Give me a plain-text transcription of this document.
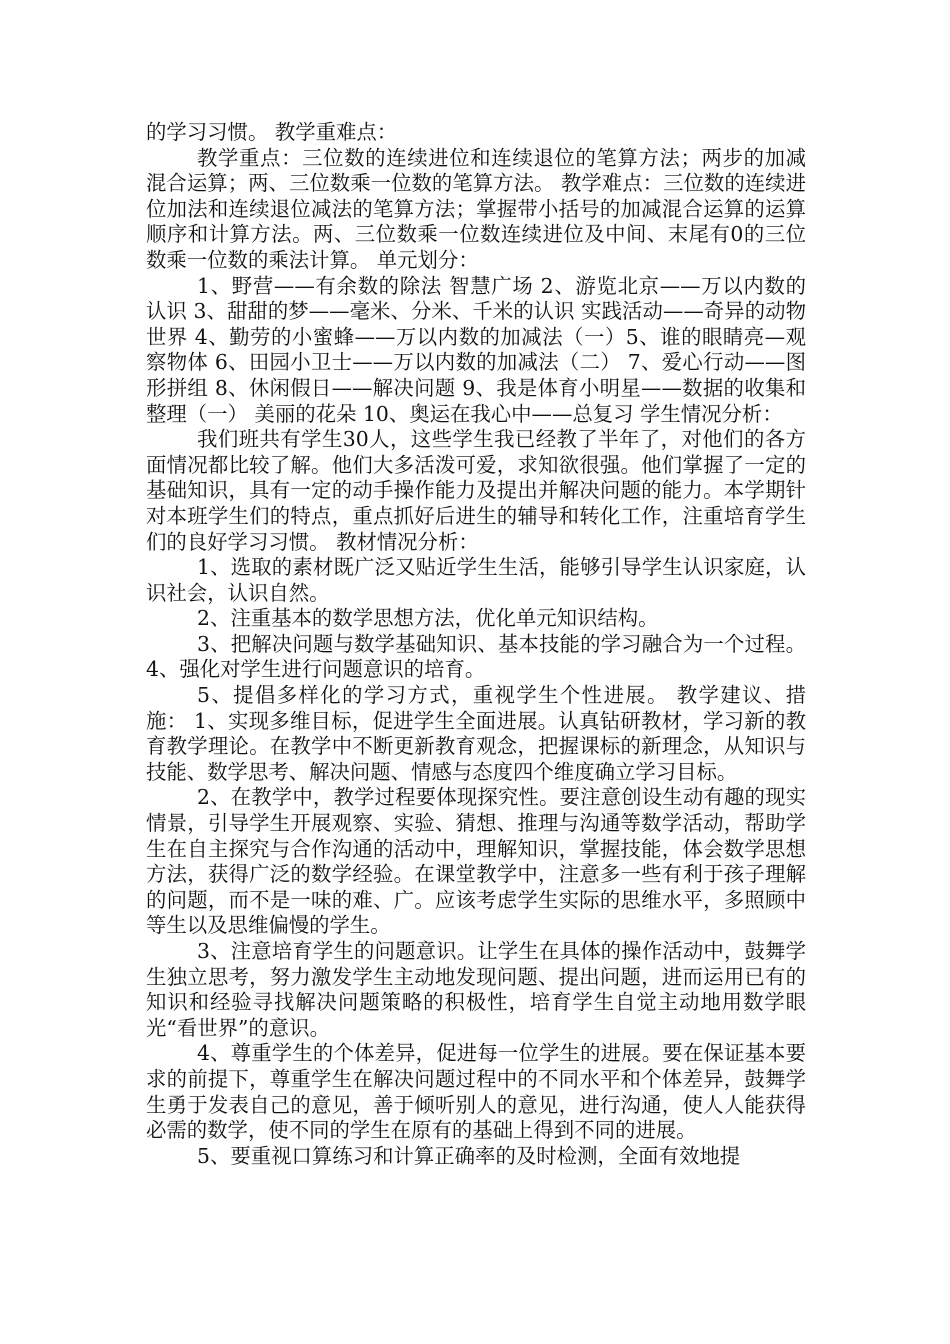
的学习习惯。 教学重难点：

教学重点：三位数的连续进位和连续退位的笔算方法；两步的加减混合运算；两、三位数乘一位数的笔算方法。 教学难点：三位数的连续进位加法和连续退位减法的笔算方法；掌握带小括号的加减混合运算的运算顺序和计算方法。两、三位数乘一位数连续进位及中间、末尾有0的三位数乘一位数的乘法计算。 单元划分：

1、野营——有余数的除法 智慧广场 2、游览北京——万以内数的认识 3、甜甜的梦——毫米、分米、千米的认识 实践活动——奇异的动物世界 4、勤劳的小蜜蜂——万以内数的加减法（一）5、谁的眼睛亮—观察物体 6、田园小卫士——万以内数的加减法（二） 7、爱心行动——图形拼组 8、休闲假日——解决问题 9、我是体育小明星——数据的收集和整理（一） 美丽的花朵 10、奥运在我心中——总复习 学生情况分析：

我们班共有学生30人，这些学生我已经教了半年了，对他们的各方面情况都比较了解。他们大多活泼可爱，求知欲很强。他们掌握了一定的基础知识，具有一定的动手操作能力及提出并解决问题的能力。本学期针对本班学生们的特点，重点抓好后进生的辅导和转化工作，注重培育学生们的良好学习习惯。 教材情况分析：

1、选取的素材既广泛又贴近学生生活，能够引导学生认识家庭，认识社会，认识自然。

2、注重基本的数学思想方法，优化单元知识结构。

3、把解决问题与数学基础知识、基本技能的学习融合为一个过程。 4、强化对学生进行问题意识的培育。

5、提倡多样化的学习方式，重视学生个性进展。 教学建议、措施： 1、实现多维目标，促进学生全面进展。认真钻研教材，学习新的教育教学理论。在教学中不断更新教育观念，把握课标的新理念，从知识与技能、数学思考、解决问题、情感与态度四个维度确立学习目标。

2、在教学中，教学过程要体现探究性。要注意创设生动有趣的现实情景，引导学生开展观察、实验、猜想、推理与沟通等数学活动，帮助学生在自主探究与合作沟通的活动中，理解知识，掌握技能，体会数学思想方法，获得广泛的数学经验。在课堂教学中，注意多一些有利于孩子理解的问题，而不是一味的难、广。应该考虑学生实际的思维水平，多照顾中等生以及思维偏慢的学生。

3、注意培育学生的问题意识。让学生在具体的操作活动中，鼓舞学生独立思考，努力激发学生主动地发现问题、提出问题，进而运用已有的知识和经验寻找解决问题策略的积极性，培育学生自觉主动地用数学眼光“看世界”的意识。

4、尊重学生的个体差异，促进每一位学生的进展。要在保证基本要求的前提下，尊重学生在解决问题过程中的不同水平和个体差异，鼓舞学生勇于发表自己的意见，善于倾听别人的意见，进行沟通，使人人能获得必需的数学，使不同的学生在原有的基础上得到不同的进展。

5、要重视口算练习和计算正确率的及时检测，全面有效地提
